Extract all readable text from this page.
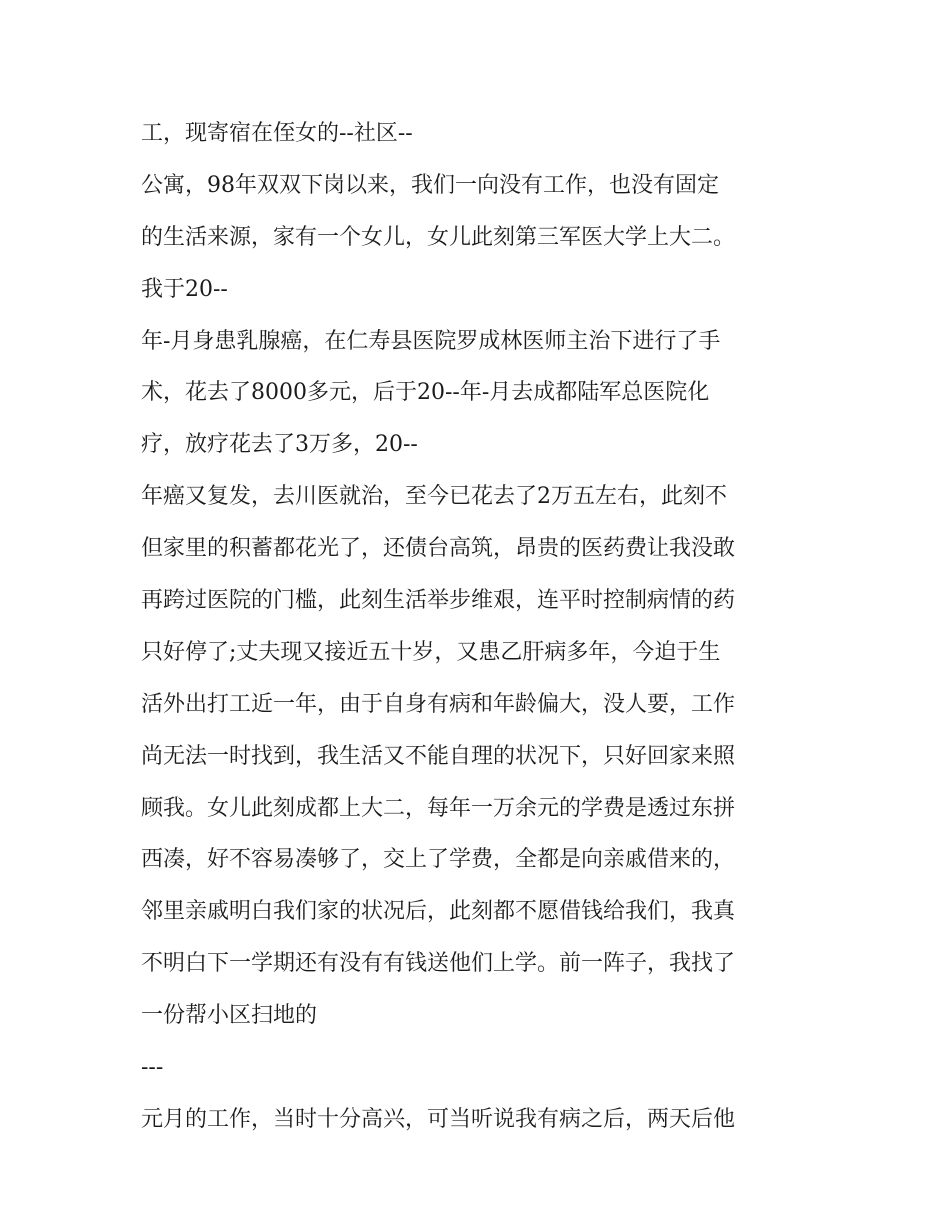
工，现寄宿在侄女的--社区--
公寓，98年双双下岗以来，我们一向没有工作，也没有固定
的生活来源，家有一个女儿，女儿此刻第三军医大学上大二。
我于20--
年-月身患乳腺癌，在仁寿县医院罗成林医师主治下进行了手
术，花去了8000多元，后于20--年-月去成都陆军总医院化
疗，放疗花去了3万多，20--
年癌又复发，去川医就治，至今已花去了2万五左右，此刻不
但家里的积蓄都花光了，还债台高筑，昂贵的医药费让我没敢
再跨过医院的门槛，此刻生活举步维艰，连平时控制病情的药
只好停了;丈夫现又接近五十岁，又患乙肝病多年，今迫于生
活外出打工近一年，由于自身有病和年龄偏大，没人要，工作
尚无法一时找到，我生活又不能自理的状况下，只好回家来照
顾我。女儿此刻成都上大二，每年一万余元的学费是透过东拼
西凑，好不容易凑够了，交上了学费，全都是向亲戚借来的，
邻里亲戚明白我们家的状况后，此刻都不愿借钱给我们，我真
不明白下一学期还有没有有钱送他们上学。前一阵子，我找了
一份帮小区扫地的
---
元月的工作，当时十分高兴，可当听说我有病之后，两天后他
